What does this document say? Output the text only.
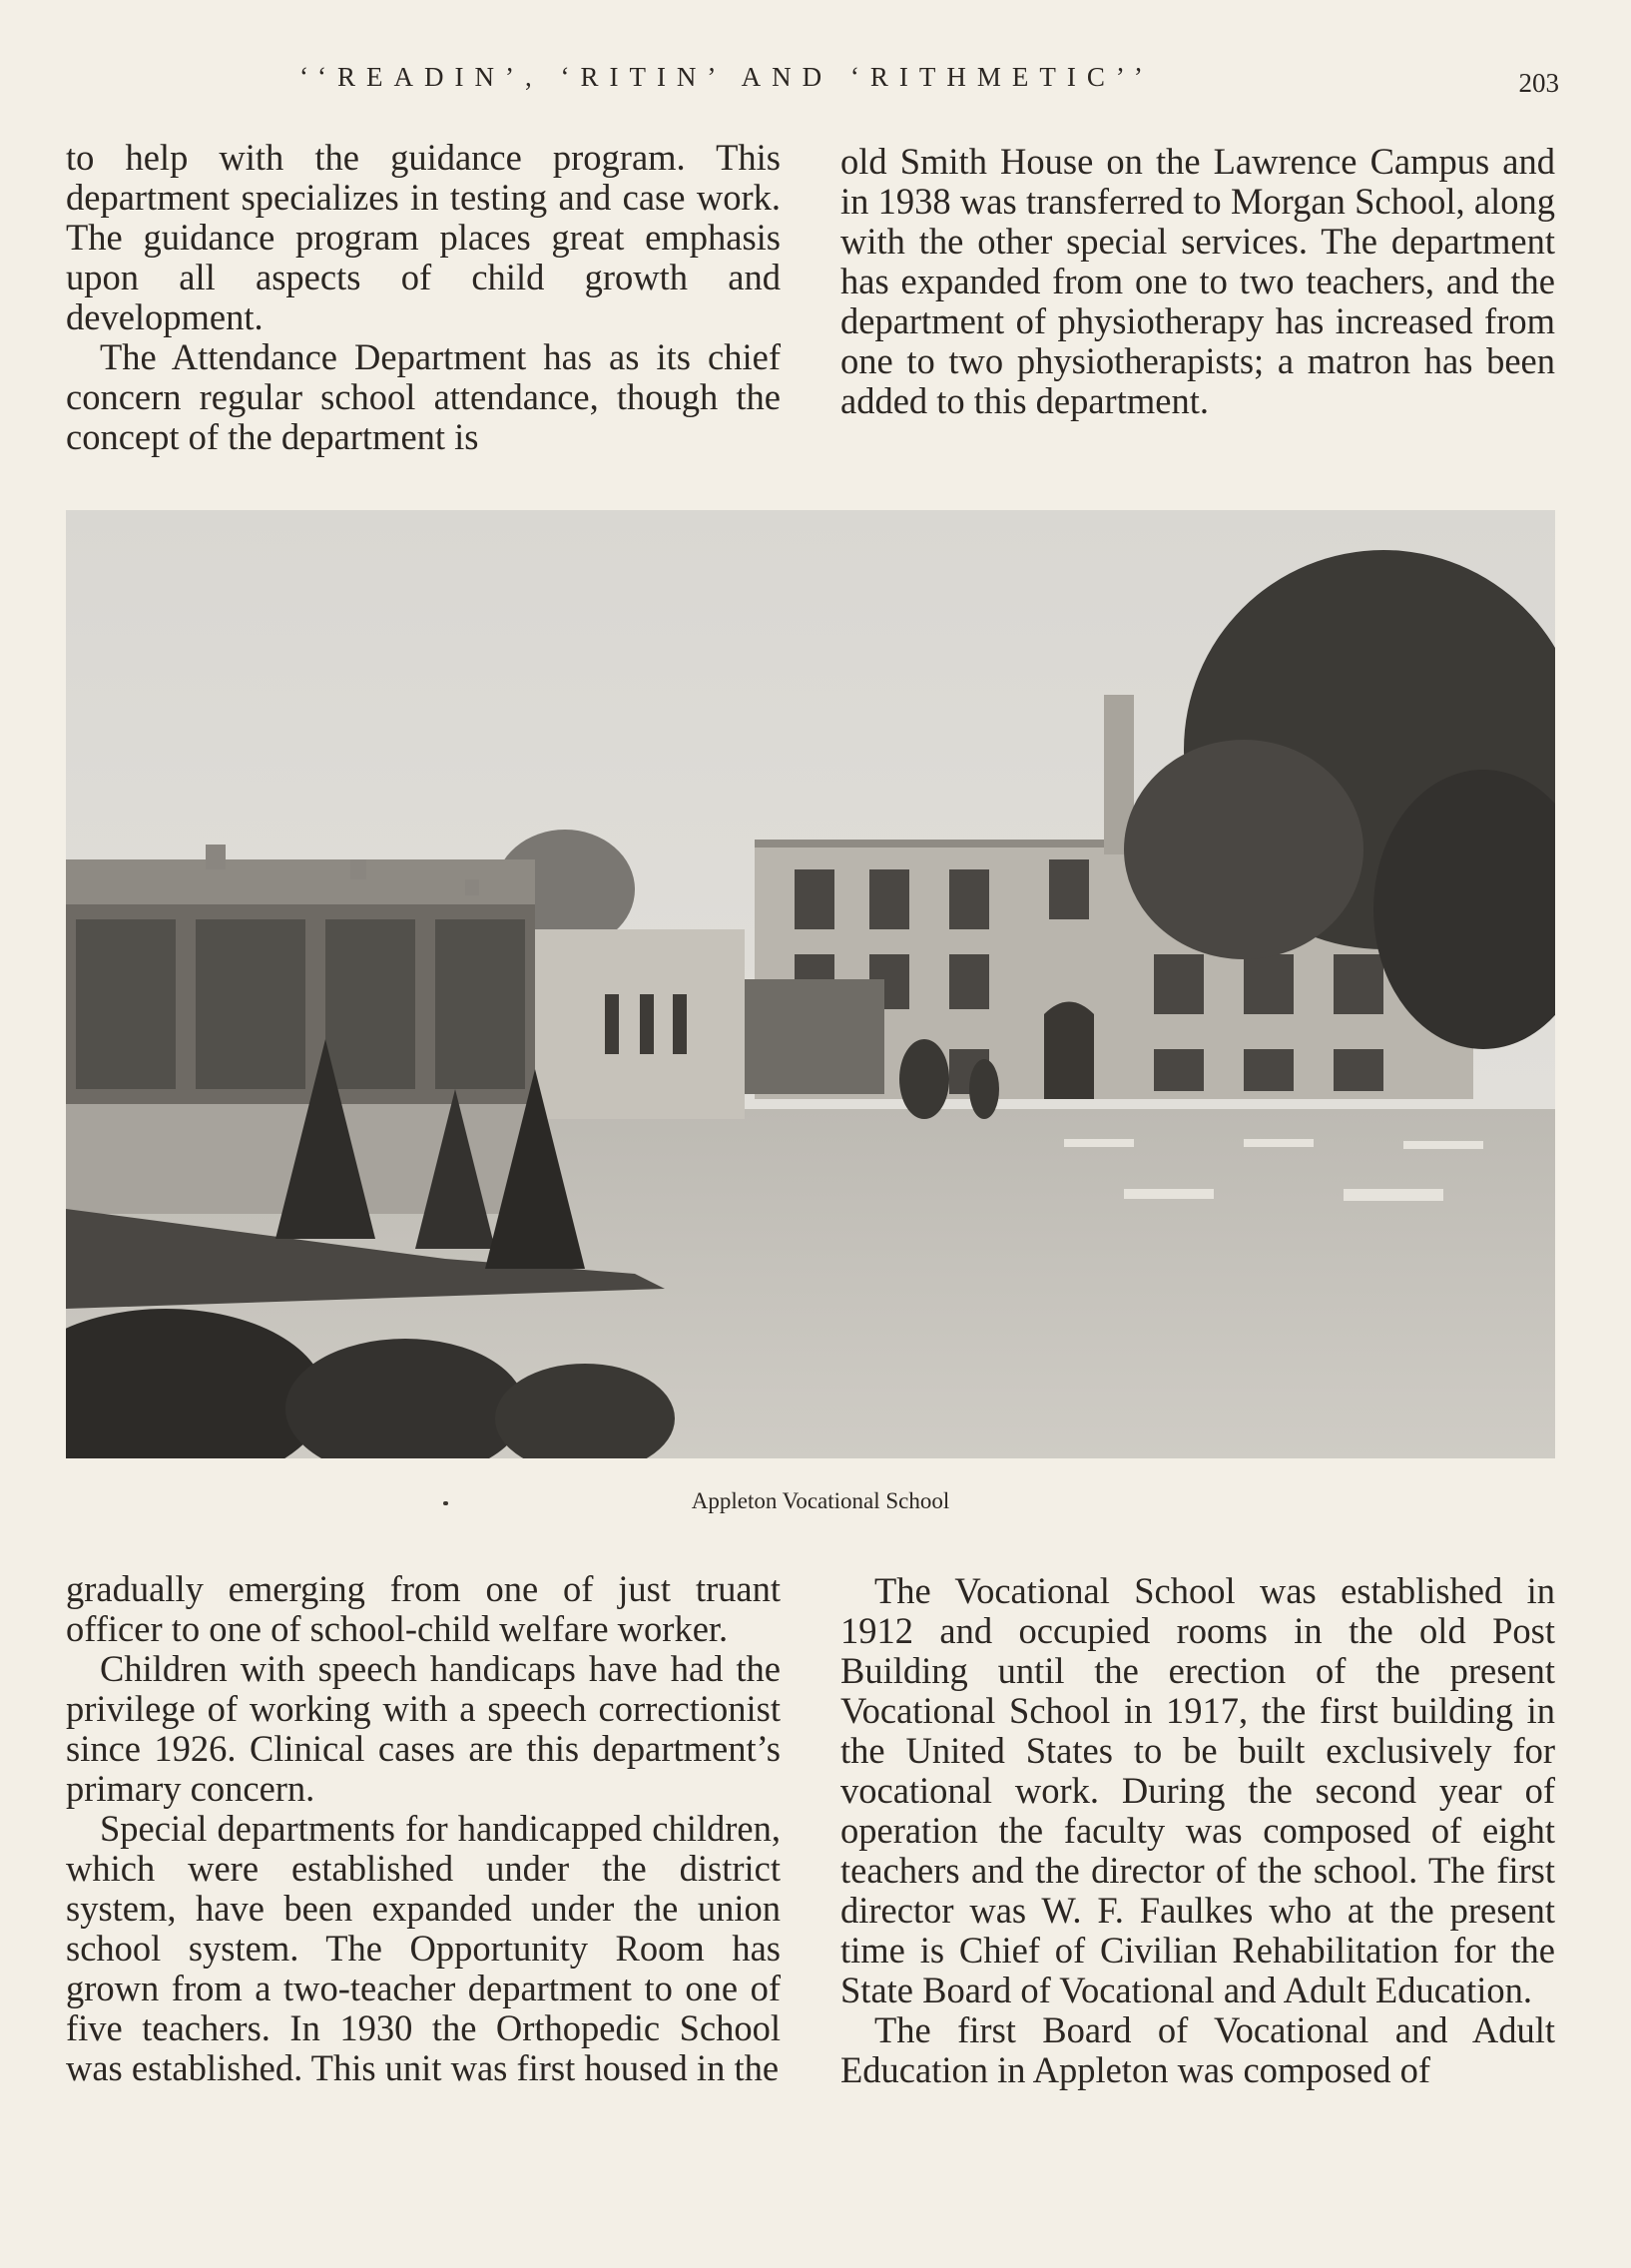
‘‘READIN’, ‘RITIN’ AND ‘RITHMETIC’’	203

to help with the guidance program. This department specializes in testing and case work. The guidance program places great emphasis upon all aspects of child growth and development.

The Attendance Department has as its chief concern regular school attendance, though the concept of the department is

old Smith House on the Lawrence Campus and in 1938 was transferred to Morgan School, along with the other special services. The department has expanded from one to two teachers, and the department of physiotherapy has increased from one to two physiotherapists; a matron has been added to this department.

Appleton Vocational School

gradually emerging from one of just truant officer to one of school-child welfare worker.

Children with speech handicaps have had the privilege of working with a speech correctionist since 1926. Clinical cases are this department’s primary concern.

Special departments for handicapped children, which were established under the district system, have been expanded under the union school system. The Opportunity Room has grown from a two-teacher department to one of five teachers. In 1930 the Orthopedic School was established. This unit was first housed in the

The Vocational School was established in 1912 and occupied rooms in the old Post Building until the erection of the present Vocational School in 1917, the first building in the United States to be built exclusively for vocational work. During the second year of operation the faculty was composed of eight teachers and the director of the school. The first director was W. F. Faulkes who at the present time is Chief of Civilian Rehabilitation for the State Board of Vocational and Adult Education.

The first Board of Vocational and Adult Education in Appleton was composed of
